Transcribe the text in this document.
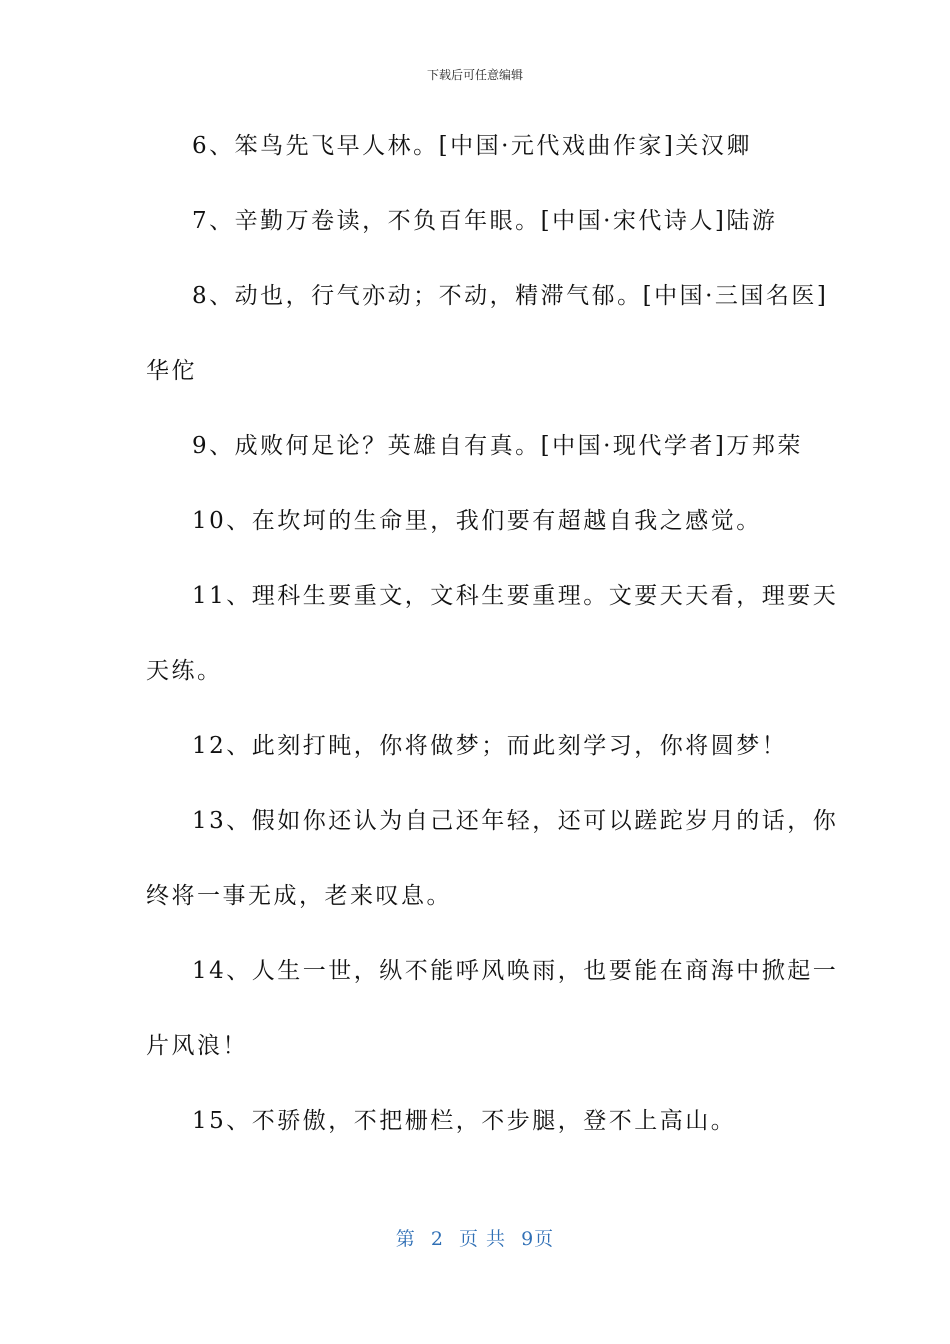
下载后可任意编辑
6、笨鸟先飞早人林。[中国·元代戏曲作家]关汉卿
7、辛勤万卷读，不负百年眼。[中国·宋代诗人]陆游
8、动也，行气亦动；不动，精滞气郁。[中国·三国名医]
华佗
9、成败何足论？英雄自有真。[中国·现代学者]万邦荣
10、在坎坷的生命里，我们要有超越自我之感觉。
11、理科生要重文，文科生要重理。文要天天看，理要天
天练。
12、此刻打盹，你将做梦；而此刻学习，你将圆梦！
13、假如你还认为自己还年轻，还可以蹉跎岁月的话，你
终将一事无成，老来叹息。
14、人生一世，纵不能呼风唤雨，也要能在商海中掀起一
片风浪！
15、不骄傲，不把栅栏，不步腿，登不上高山。
第 2 页 共 9页
